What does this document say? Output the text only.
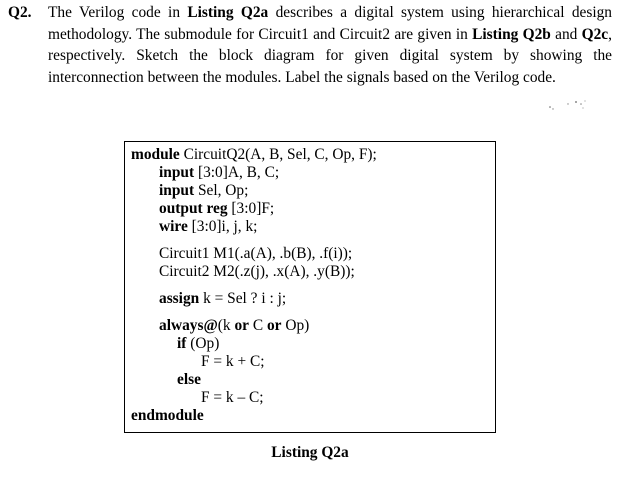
Q2. The Verilog code in Listing Q2a describes a digital system using hierarchical design methodology. The submodule for Circuit1 and Circuit2 are given in Listing Q2b and Q2c, respectively. Sketch the block diagram for given digital system by showing the interconnection between the modules. Label the signals based on the Verilog code.
module CircuitQ2(A, B, Sel, C, Op, F);
input [3:0]A, B, C;
input Sel, Op;
output reg [3:0]F;
wire [3:0]i, j, k;
Circuit1 M1(.a(A), .b(B), .f(i));
Circuit2 M2(.z(j), .x(A), .y(B));
assign k = Sel ? i : j;
always@(k or C or Op)
if (Op)
F = k + C;
else
F = k – C;
endmodule
Listing Q2a
